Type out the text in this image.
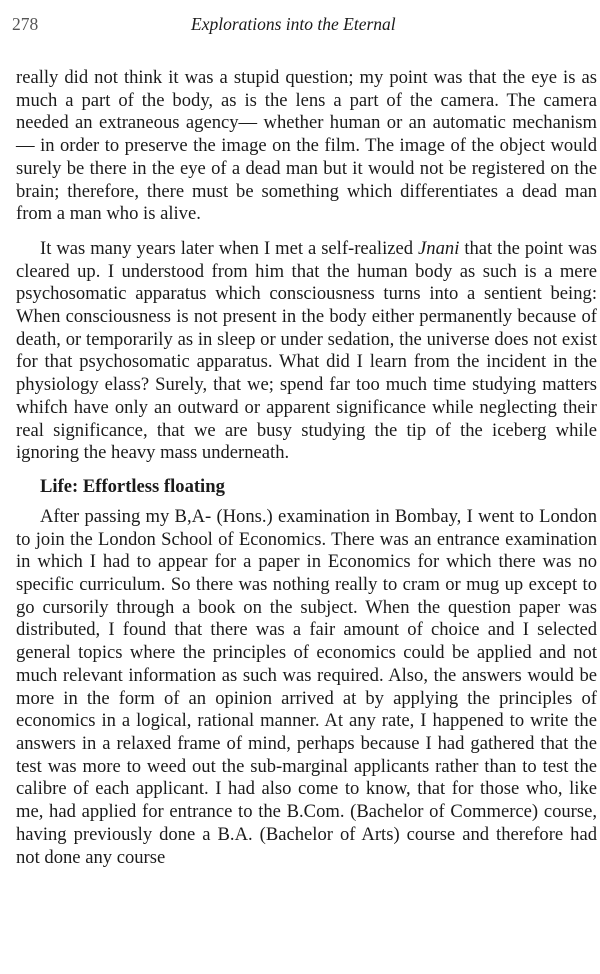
278	Explorations into the Eternal

really did not think it was a stupid question; my point was that the eye is as much a part of the body, as is the lens a part of the camera. The camera needed an extraneous agency— whether human or an automatic mechanism— in order to preserve the image on the film. The image of the object would surely be there in the eye of a dead man but it would not be registered on the brain; therefore, there must be something which differentiates a dead man from a man who is alive.

It was many years later when I met a self-realized Jnani that the point was cleared up. I understood from him that the human body as such is a mere psychosomatic apparatus which consciousness turns into a sentient being: When consciousness is not present in the body either permanently because of death, or temporarily as in sleep or under sedation, the universe does not exist for that psychosomatic apparatus. What did I learn from the incident in the physiology elass? Surely, that we; spend far too much time studying matters whifch have only an outward or apparent significance while neglecting their real significance, that we are busy studying the tip of the iceberg while ignoring the heavy mass underneath.

Life: Effortless floating

After passing my B,A- (Hons.) examination in Bombay, I went to London to join the London School of Economics. There was an entrance examination in which I had to appear for a paper in Economics for which there was no specific curriculum. So there was nothing really to cram or mug up except to go cursorily through a book on the subject. When the question paper was distributed, I found that there was a fair amount of choice and I selected general topics where the principles of economics could be applied and not much relevant information as such was required. Also, the answers would be more in the form of an opinion arrived at by applying the principles of economics in a logical, rational manner. At any rate, I happened to write the answers in a relaxed frame of mind, perhaps because I had gathered that the test was more to weed out the sub-marginal applicants rather than to test the calibre of each applicant. I had also come to know, that for those who, like me, had applied for entrance to the B.Com. (Bachelor of Commerce) course, having previously done a B.A. (Bachelor of Arts) course and therefore had not done any course
